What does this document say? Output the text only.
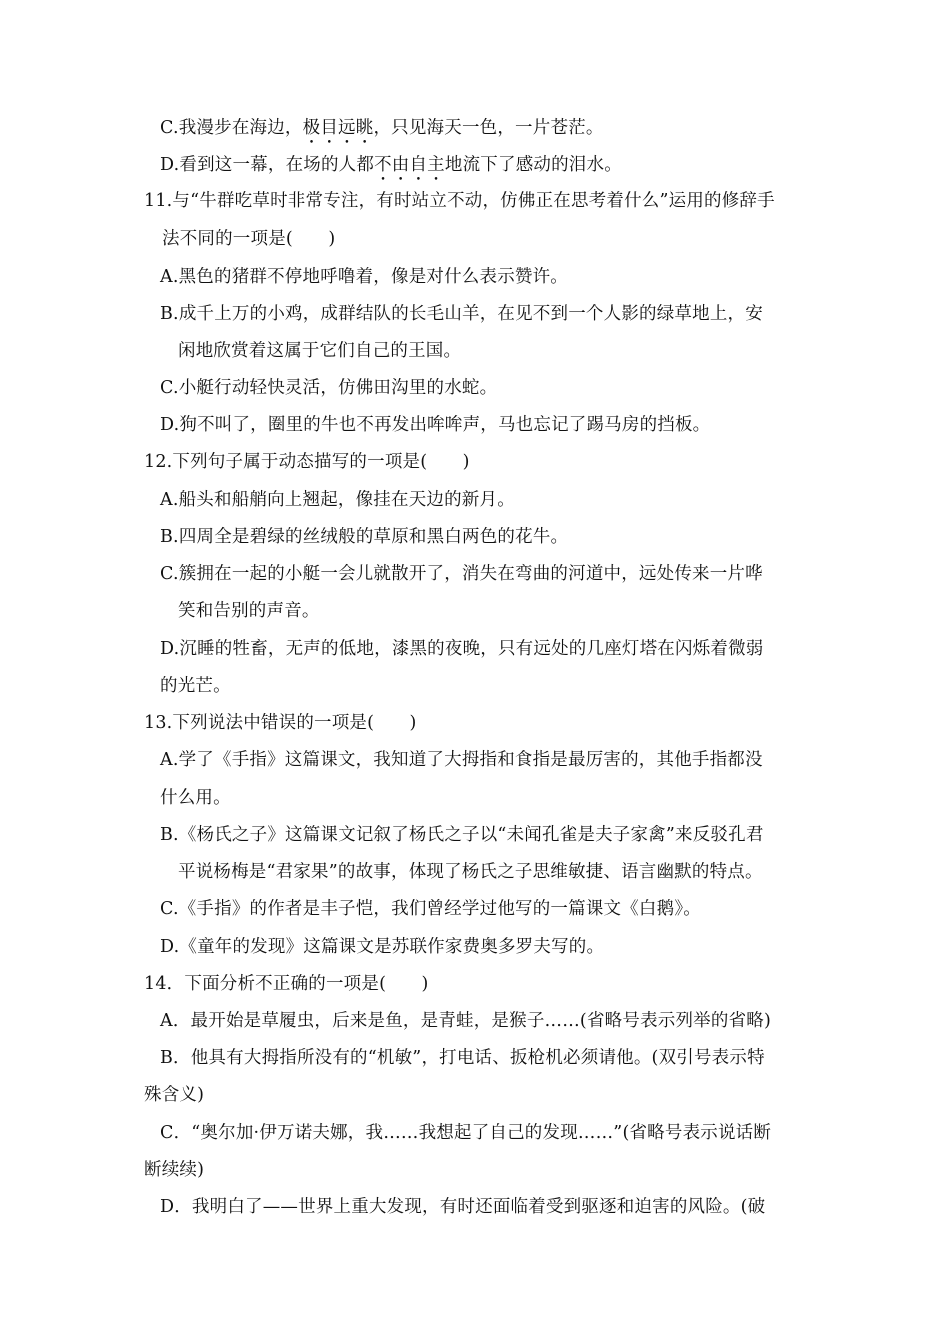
C.我漫步在海边，极目远眺，只见海天一色，一片苍茫。
D.看到这一幕，在场的人都不由自主地流下了感动的泪水。
11.与“牛群吃草时非常专注，有时站立不动，仿佛正在思考着什么”运用的修辞手
法不同的一项是(　　)
A.黑色的猪群不停地呼噜着，像是对什么表示赞许。
B.成千上万的小鸡，成群结队的长毛山羊，在见不到一个人影的绿草地上，安
闲地欣赏着这属于它们自己的王国。
C.小艇行动轻快灵活，仿佛田沟里的水蛇。
D.狗不叫了，圈里的牛也不再发出哞哞声，马也忘记了踢马房的挡板。
12.下列句子属于动态描写的一项是(　　)
A.船头和船艄向上翘起，像挂在天边的新月。
B.四周全是碧绿的丝绒般的草原和黑白两色的花牛。
C.簇拥在一起的小艇一会儿就散开了，消失在弯曲的河道中，远处传来一片哗
笑和告别的声音。
D.沉睡的牲畜，无声的低地，漆黑的夜晚，只有远处的几座灯塔在闪烁着微弱
的光芒。
13.下列说法中错误的一项是(　　)
A.学了《手指》这篇课文，我知道了大拇指和食指是最厉害的，其他手指都没
什么用。
B.《杨氏之子》这篇课文记叙了杨氏之子以“未闻孔雀是夫子家禽”来反驳孔君
平说杨梅是“君家果”的故事，体现了杨氏之子思维敏捷、语言幽默的特点。
C.《手指》的作者是丰子恺，我们曾经学过他写的一篇课文《白鹅》。
D.《童年的发现》这篇课文是苏联作家费奥多罗夫写的。
14．下面分析不正确的一项是(　　)
A．最开始是草履虫，后来是鱼，是青蛙，是猴子……(省略号表示列举的省略)
B．他具有大拇指所没有的“机敏”，打电话、扳枪机必须请他。(双引号表示特
殊含义)
C．“奥尔加·伊万诺夫娜，我……我想起了自己的发现……”(省略号表示说话断
断续续)
D．我明白了——世界上重大发现，有时还面临着受到驱逐和迫害的风险。(破
